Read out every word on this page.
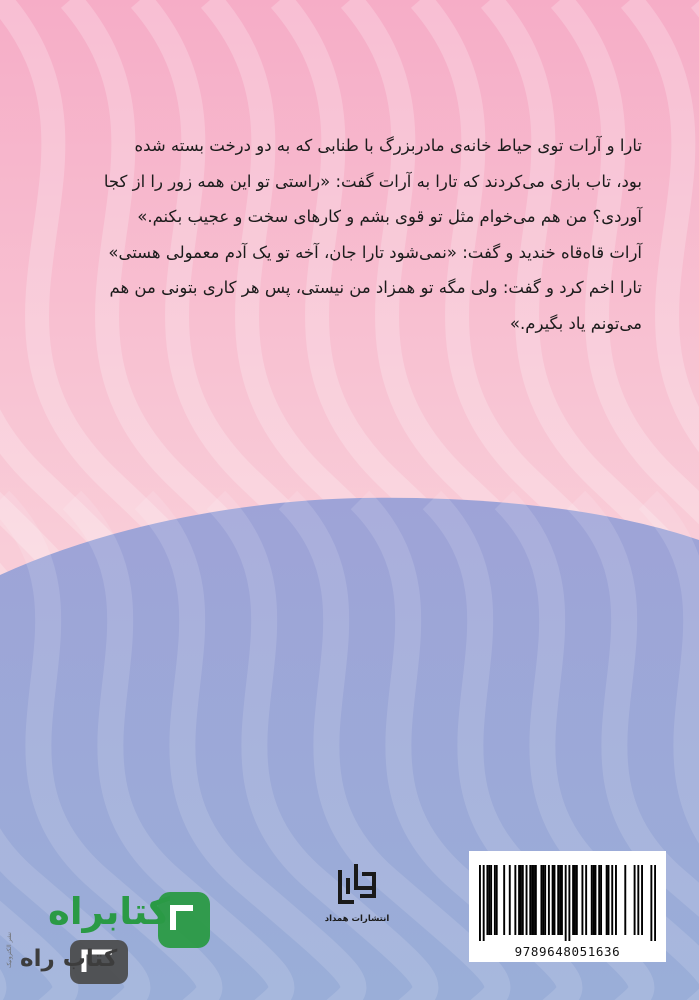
تارا و آرات توی حیاط خانه‌ی مادربزرگ با طنابی که به دو درخت بسته شده

بود، تاب بازی می‌کردند که تارا به آرات گفت: «راستی تو این همه زور را از کجا

آوردی؟ من هم می‌خوام مثل تو قوی بشم و کارهای سخت و عجیب بکنم.»

آرات قاه‌قاه خندید و گفت: «نمی‌شود تارا جان، آخه تو یک آدم معمولی هستی»

تارا اخم کرد و گفت: ولی مگه تو همزاد من نیستی، پس هر کاری بتونی من هم

می‌تونم یاد بگیرم.»

انتشارات همداد
9789648051636
نشر الکترونیک
کتابراه
کتاب راه
